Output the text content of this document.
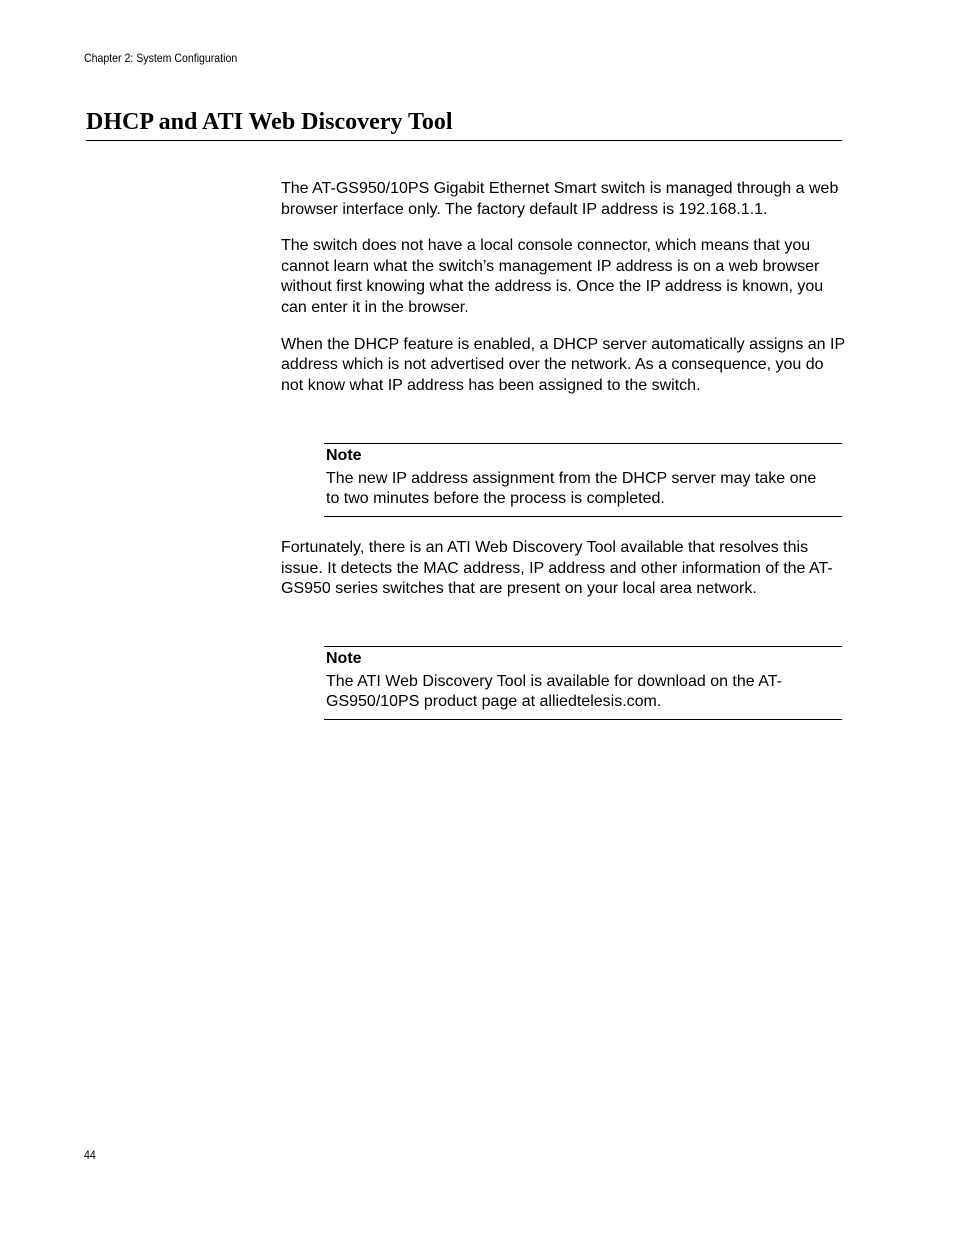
Chapter 2: System Configuration
DHCP and ATI Web Discovery Tool

The AT-GS950/10PS Gigabit Ethernet Smart switch is managed through a web browser interface only. The factory default IP address is 192.168.1.1.

The switch does not have a local console connector, which means that you cannot learn what the switch’s management IP address is on a web browser without first knowing what the address is. Once the IP address is known, you can enter it in the browser.

When the DHCP feature is enabled, a DHCP server automatically assigns an IP address which is not advertised over the network. As a consequence, you do not know what IP address has been assigned to the switch.

Note

The new IP address assignment from the DHCP server may take one to two minutes before the process is completed.

Fortunately, there is an ATI Web Discovery Tool available that resolves this issue. It detects the MAC address, IP address and other information of the AT-GS950 series switches that are present on your local area network.

Note

The ATI Web Discovery Tool is available for download on the AT-GS950/10PS product page at alliedtelesis.com.

44
